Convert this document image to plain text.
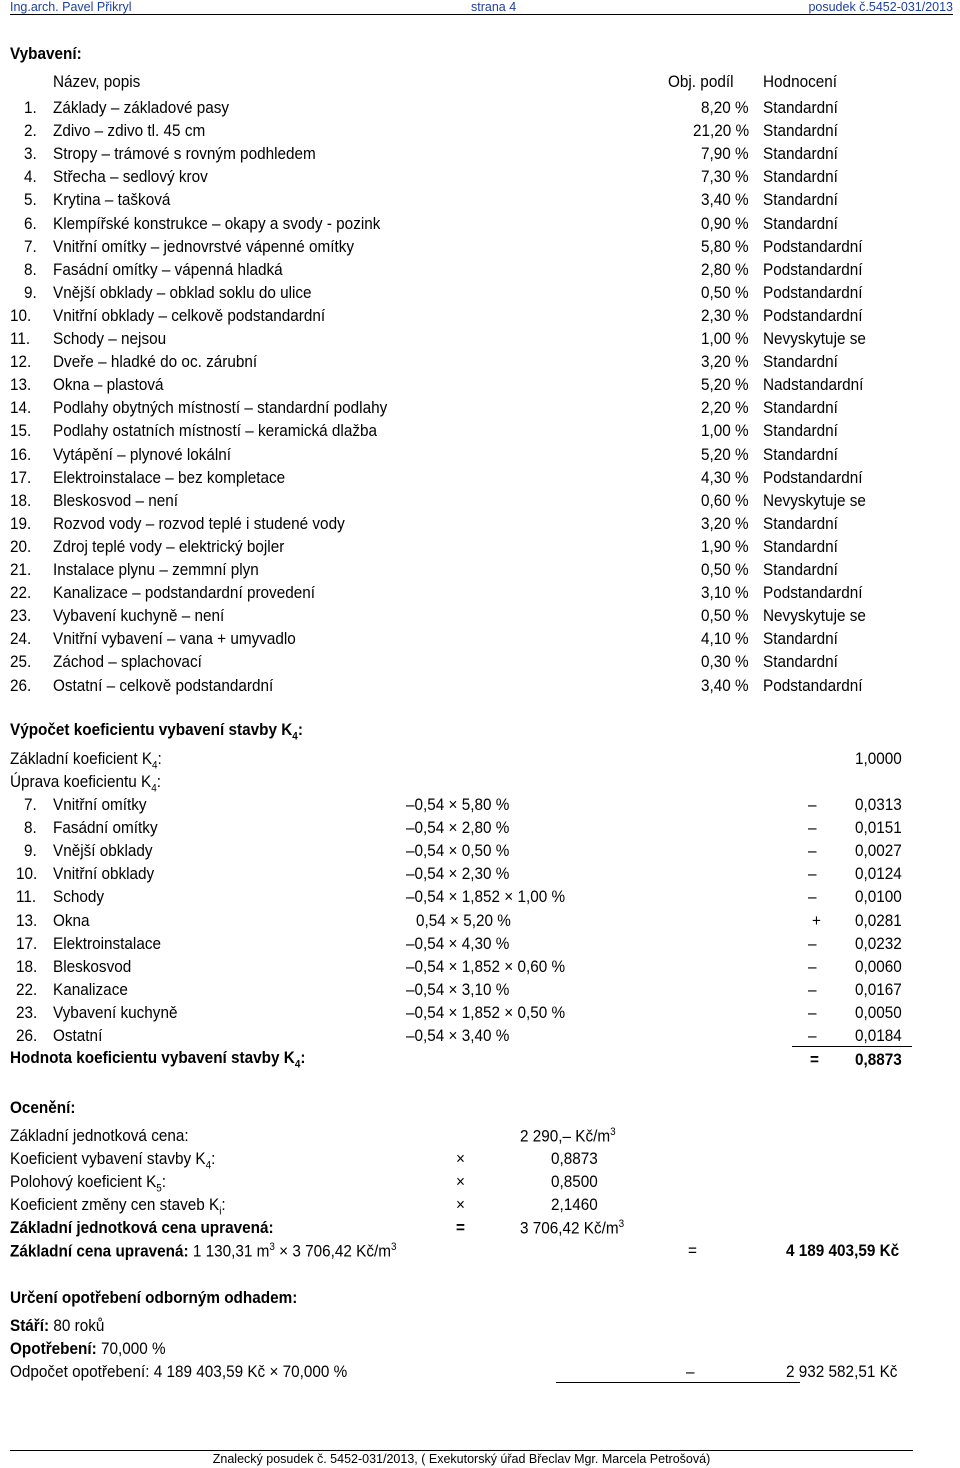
Ing.arch. Pavel Přikryl	strana 4	posudek č.5452-031/2013
Vybavení:
Název, popis	Obj. podíl Hodnocení
1. Základy – základové pasy	8,20 % Standardní
2. Zdivo – zdivo tl. 45 cm	21,20 % Standardní
3. Stropy – trámové s rovným podhledem	7,90 % Standardní
4. Střecha – sedlový krov	7,30 % Standardní
5. Krytina – tašková	3,40 % Standardní
6. Klempířské konstrukce – okapy a svody - pozink	0,90 % Standardní
7. Vnitřní omítky – jednovrstvé vápenné omítky	5,80 % Podstandardní
8. Fasádní omítky – vápenná hladká	2,80 % Podstandardní
9. Vnější obklady – obklad soklu do ulice	0,50 % Podstandardní
10. Vnitřní obklady – celkově podstandardní	2,30 % Podstandardní
11. Schody – nejsou	1,00 % Nevyskytuje se
12. Dveře – hladké do oc. zárubní	3,20 % Standardní
13. Okna – plastová	5,20 % Nadstandardní
14. Podlahy obytných místností – standardní podlahy	2,20 % Standardní
15. Podlahy ostatních místností – keramická dlažba	1,00 % Standardní
16. Vytápění – plynové lokální	5,20 % Standardní
17. Elektroinstalace – bez kompletace	4,30 % Podstandardní
18. Bleskosvod – není	0,60 % Nevyskytuje se
19. Rozvod vody – rozvod teplé i studené vody	3,20 % Standardní
20. Zdroj teplé vody – elektrický bojler	1,90 % Standardní
21. Instalace plynu – zemmní plyn	0,50 % Standardní
22. Kanalizace – podstandardní provedení	3,10 % Podstandardní
23. Vybavení kuchyně – není	0,50 % Nevyskytuje se
24. Vnitřní vybavení – vana + umyvadlo	4,10 % Standardní
25. Záchod – splachovací	0,30 % Standardní
26. Ostatní – celkově podstandardní	3,40 % Podstandardní
Výpočet koeficientu vybavení stavby $K_4$:
Základní koeficient $K_4$:	1,0000
Úprava koeficientu $K_4$:
7. Vnitřní omítky	–0,54 × 5,80 %	– 0,0313
8. Fasádní omítky	–0,54 × 2,80 %	– 0,0151
9. Vnější obklady	–0,54 × 0,50 %	– 0,0027
10. Vnitřní obklady	–0,54 × 2,30 %	– 0,0124
11. Schody	–0,54 × 1,852 × 1,00 %	– 0,0100
13. Okna	0,54 × 5,20 %	+ 0,0281
17. Elektroinstalace	–0,54 × 4,30 %	– 0,0232
18. Bleskosvod	–0,54 × 1,852 × 0,60 %	– 0,0060
22. Kanalizace	–0,54 × 3,10 %	– 0,0167
23. Vybavení kuchyně	–0,54 × 1,852 × 0,50 %	– 0,0050
26. Ostatní	–0,54 × 3,40 %	– 0,0184
Hodnota koeficientu vybavení stavby $K_4$:	= 0,8873
Ocenění:
Základní jednotková cena:	2 290,– $Kč/m^3$
Koeficient vybavení stavby $K_4$:	×	0,8873
Polohový koeficient $K_5$:	×	0,8500
Koeficient změny cen staveb $K_i$:	×	2,1460
Základní jednotková cena upravená:	=	3 706,42 $Kč/m^3$
Základní cena upravená: 1 130,31 $m^3 \times 3$ 706,42 $Kč/m^3$	=	4 189 403,59 Kč
Určení opotřebení odborným odhadem:
Stáří: 80 roků
Opotřebení: 70,000 %
Odpočet opotřebení: 4 189 403,59 Kč × 70,000 %	–	2 932 582,51 Kč
Znalecký posudek č. 5452-031/2013, ( Exekutorský úřad Břeclav Mgr. Marcela Petrošová)
